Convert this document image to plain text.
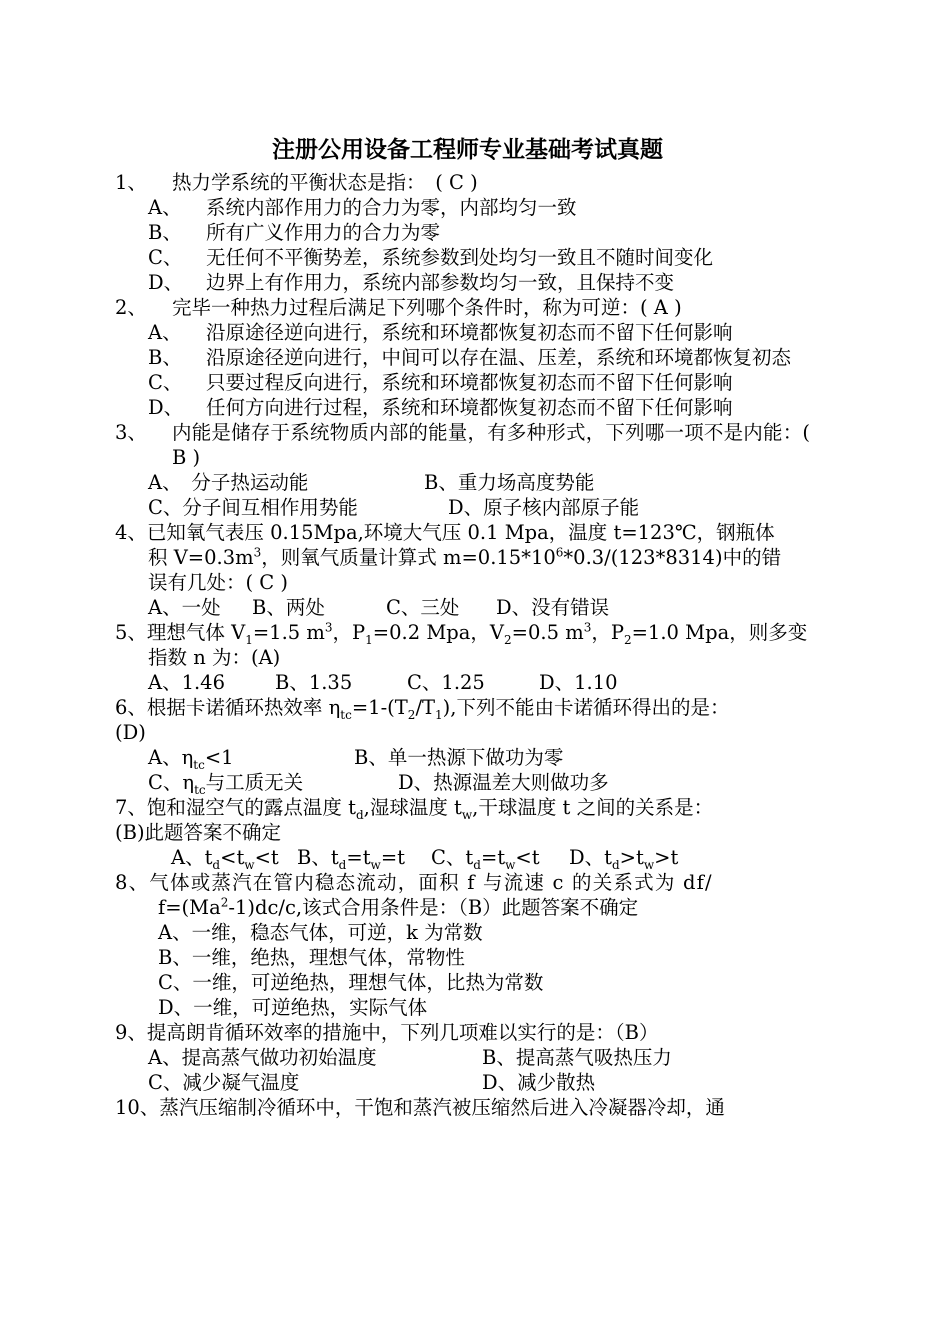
注册公用设备工程师专业基础考试真题
1、	热力学系统的平衡状态是指：　( C )
A、	系统内部作用力的合力为零，内部均匀一致
B、	所有广义作用力的合力为零
C、	无任何不平衡势差，系统参数到处均匀一致且不随时间变化
D、	边界上有作用力，系统内部参数均匀一致，且保持不变
2、	完毕一种热力过程后满足下列哪个条件时，称为可逆：( A )
A、	沿原途径逆向进行，系统和环境都恢复初态而不留下任何影响
B、	沿原途径逆向进行，中间可以存在温、压差，系统和环境都恢复初态
C、	只要过程反向进行，系统和环境都恢复初态而不留下任何影响
D、	任何方向进行过程，系统和环境都恢复初态而不留下任何影响
3、	内能是储存于系统物质内部的能量，有多种形式，下列哪一项不是内能：( B )
A、　分子热运动能	B、重力场高度势能
C、分子间互相作用势能	D、原子核内部原子能
4、已知氧气表压 0.15Mpa,环境大气压 0.1 Mpa，温度 t=123℃，钢瓶体
积 $V=0.3m^3$，则氧气质量计算式 $m=0.15*10^6*0.3/(123*8314)$中的错
误有几处：( C )
A、一处	B、两处	C、三处	D、没有错误
5、理想气体 $V_1=1.5$ $m^3$，$P_1=0.2$ Mpa，$V_2=0.5$ $m^3$，$P_2=1.0$ Mpa，则多变
指数 n 为：(A)
A、1.46	B、1.35	C、1.25	D、1.10
6、根据卡诺循环热效率 $\eta_{tc}=1-(T_2/T_1)$,下列不能由卡诺循环得出的是：
(D)
A、$\eta_{tc}<1$	B、单一热源下做功为零
C、$\eta_{tc}$与工质无关	D、热源温差大则做功多
7、饱和湿空气的露点温度 $t_d$,湿球温度 $t_w$,干球温度 t 之间的关系是：
(B)此题答案不确定
A、$t_d<t_w<t$ B、$t_d=t_w=t$	C、$t_d=t_w<t$	D、$t_d>t_w>t$
8、气体或蒸汽在管内稳态流动，面积 f 与流速 c 的关系式为 df/
$f=(Ma^2-1)dc/c$,该式合用条件是：（B）此题答案不确定
A、一维，稳态气体，可逆，k 为常数
B、一维，绝热，理想气体，常物性
C、一维，可逆绝热，理想气体，比热为常数
D、一维，可逆绝热，实际气体
9、提高朗肯循环效率的措施中，下列几项难以实行的是：（B）
A、提高蒸气做功初始温度	B、提高蒸气吸热压力
C、减少凝气温度	D、减少散热
10、蒸汽压缩制冷循环中，干饱和蒸汽被压缩然后进入冷凝器冷却，通
